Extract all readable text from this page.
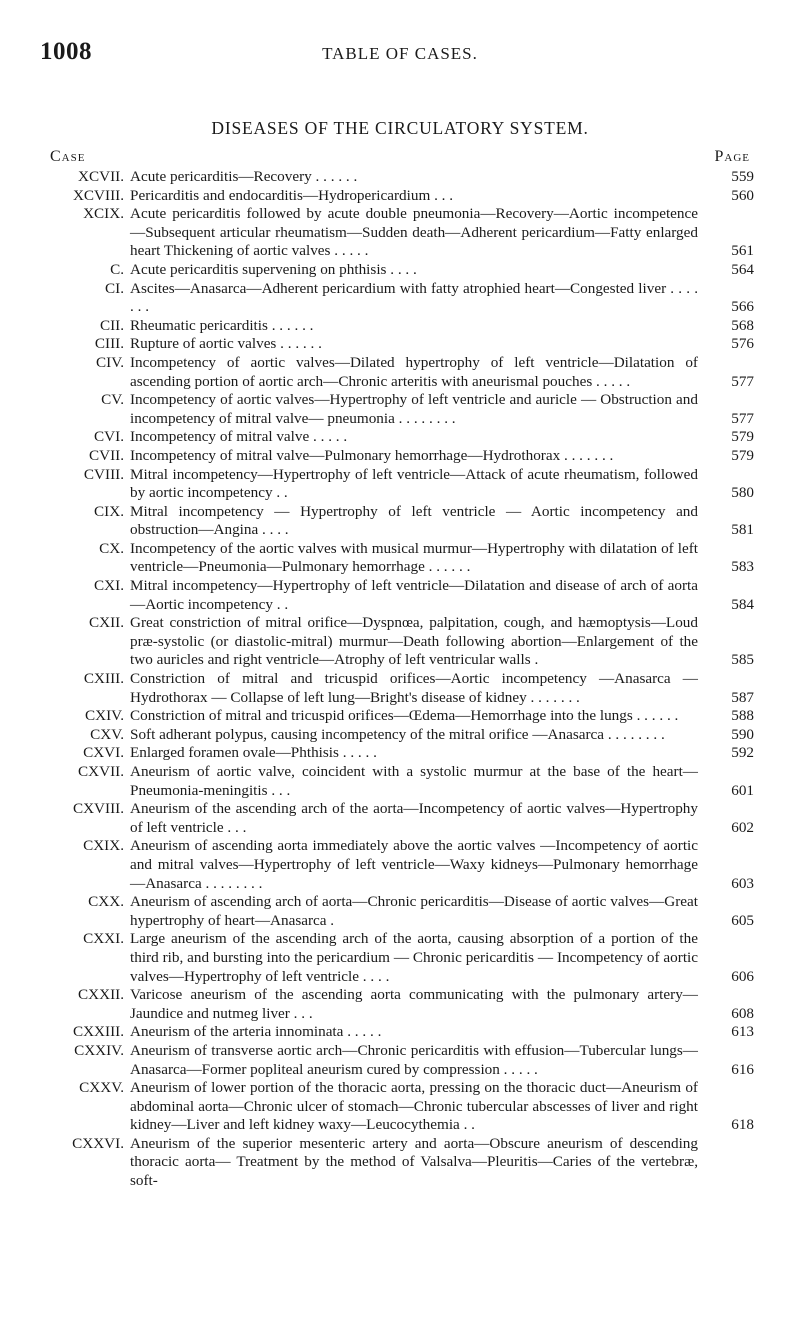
1008	TABLE OF CASES.
DISEASES OF THE CIRCULATORY SYSTEM.
Case	Page
XCVII. Acute pericarditis—Recovery . . . . . .	559
XCVIII. Pericarditis and endocarditis—Hydropericardium . . .	560
XCIX. Acute pericarditis followed by acute double pneumonia—Recovery—Aortic incompetence—Subsequent articular rheumatism—Sudden death—Adherent pericardium—Fatty enlarged heart Thickening of aortic valves . . . . .	561
C. Acute pericarditis supervening on phthisis . . . .	564
CI. Ascites—Anasarca—Adherent pericardium with fatty atrophied heart—Congested liver . . . . . . .	566
CII. Rheumatic pericarditis . . . . . .	568
CIII. Rupture of aortic valves . . . . . .	576
CIV. Incompetency of aortic valves—Dilated hypertrophy of left ventricle—Dilatation of ascending portion of aortic arch—Chronic arteritis with aneurismal pouches . . . . .	577
CV. Incompetency of aortic valves—Hypertrophy of left ventricle and auricle — Obstruction and incompetency of mitral valve— pneumonia . . . . . . . .	577
CVI. Incompetency of mitral valve . . . . .	579
CVII. Incompetency of mitral valve—Pulmonary hemorrhage—Hydrothorax . . . . . . .	579
CVIII. Mitral incompetency—Hypertrophy of left ventricle—Attack of acute rheumatism, followed by aortic incompetency . .	580
CIX. Mitral incompetency — Hypertrophy of left ventricle — Aortic incompetency and obstruction—Angina . . . .	581
CX. Incompetency of the aortic valves with musical murmur—Hypertrophy with dilatation of left ventricle—Pneumonia—Pulmonary hemorrhage . . . . . .	583
CXI. Mitral incompetency—Hypertrophy of left ventricle—Dilatation and disease of arch of aorta—Aortic incompetency . .	584
CXII. Great constriction of mitral orifice—Dyspnœa, palpitation, cough, and hæmoptysis—Loud præ-systolic (or diastolic-mitral) murmur—Death following abortion—Enlargement of the two auricles and right ventricle—Atrophy of left ventricular walls .	585
CXIII. Constriction of mitral and tricuspid orifices—Aortic incompetency —Anasarca — Hydrothorax — Collapse of left lung—Bright's disease of kidney . . . . . . .	587
CXIV. Constriction of mitral and tricuspid orifices—Œdema—Hemorrhage into the lungs . . . . . .	588
CXV. Soft adherant polypus, causing incompetency of the mitral orifice —Anasarca . . . . . . . .	590
CXVI. Enlarged foramen ovale—Phthisis . . . . .	592
CXVII. Aneurism of aortic valve, coincident with a systolic murmur at the base of the heart—Pneumonia-meningitis . . .	601
CXVIII. Aneurism of the ascending arch of the aorta—Incompetency of aortic valves—Hypertrophy of left ventricle . . .	602
CXIX. Aneurism of ascending aorta immediately above the aortic valves —Incompetency of aortic and mitral valves—Hypertrophy of left ventricle—Waxy kidneys—Pulmonary hemorrhage—Anasarca . . . . . . . .	603
CXX. Aneurism of ascending arch of aorta—Chronic pericarditis—Disease of aortic valves—Great hypertrophy of heart—Anasarca .	605
CXXI. Large aneurism of the ascending arch of the aorta, causing absorption of a portion of the third rib, and bursting into the pericardium — Chronic pericarditis — Incompetency of aortic valves—Hypertrophy of left ventricle . . . .	606
CXXII. Varicose aneurism of the ascending aorta communicating with the pulmonary artery—Jaundice and nutmeg liver . . .	608
CXXIII. Aneurism of the arteria innominata . . . . .	613
CXXIV. Aneurism of transverse aortic arch—Chronic pericarditis with effusion—Tubercular lungs—Anasarca—Former popliteal aneurism cured by compression . . . . .	616
CXXV. Aneurism of lower portion of the thoracic aorta, pressing on the thoracic duct—Aneurism of abdominal aorta—Chronic ulcer of stomach—Chronic tubercular abscesses of liver and right kidney—Liver and left kidney waxy—Leucocythemia . .	618
CXXVI. Aneurism of the superior mesenteric artery and aorta—Obscure aneurism of descending thoracic aorta— Treatment by the method of Valsalva—Pleuritis—Caries of the vertebræ, soft-
